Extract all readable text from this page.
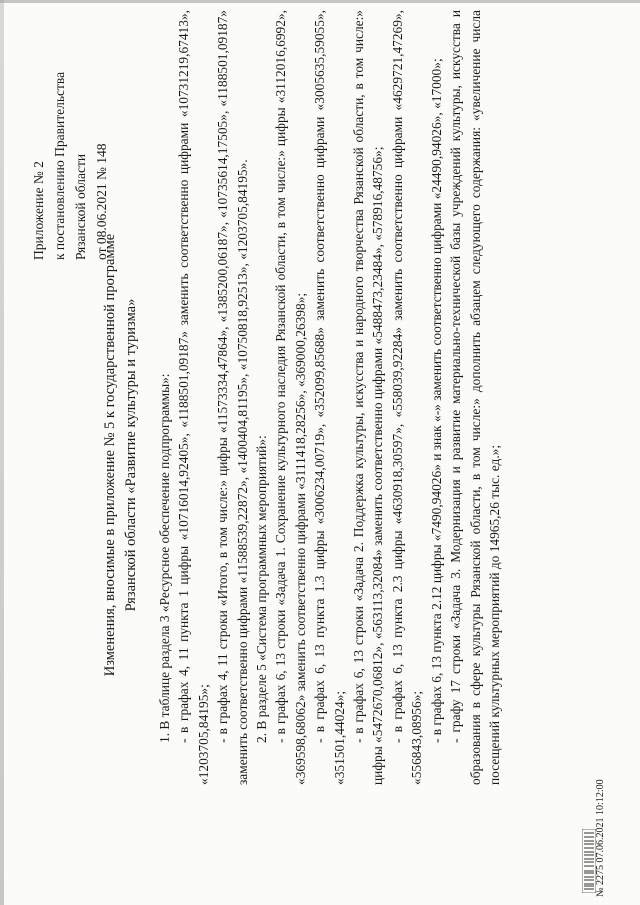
Приложение № 2 к постановлению Правительства Рязанской области от 08.06.2021 № 148
Изменения, вносимые в приложение № 5 к государственной программе Рязанской области «Развитие культуры и туризма» 1. В таблице раздела 3 «Ресурсное обеспечение подпрограммы»: - в графах 4, 11 пункта 1 цифры «10716014,92405», «1188501,09187» заменить соответственно цифрами «10731219,67413», «1203705,84195»; - в графах 4, 11 строки «Итого, в том числе:» цифры «11573334,47864», «1385200,06187», «10735614,17505», «1188501,09187» заменить соответственно цифрами «11588539,22872», «1400404,81195», «10750818,92513», «1203705,84195». 2. В разделе 5 «Система программных мероприятий»: - в графах 6, 13 строки «Задача 1. Сохранение культурного наследия Рязанской области, в том числе:» цифры «3112016,6992», «369598,68062» заменить соответственно цифрами «3111418,28256», «369000,26398»; - в графах 6, 13 пункта 1.3 цифры «3006234,00719», «352099,85688» заменить соответственно цифрами «3005635,59055», «351501,44024»; - в графах 6, 13 строки «Задача 2. Поддержка культуры, искусства и народного творчества Рязанской области, в том числе:» цифры «5472670,06812», «563113,32084» заменить соответственно цифрами «5488473,23484», «578916,48756»; - в графах 6, 13 пункта 2.3 цифры «4630918,30597», «558039,92284» заменить соответственно цифрами «4629721,47269», «556843,08956»; - в графах 6, 13 пункта 2.12 цифры «7490,94026» и знак «-» заменить соответственно цифрами «24490,94026», «17000»; - графу 17 строки «Задача 3. Модернизация и развитие материально-технической базы учреждений культуры, искусства и образования в сфере культуры Рязанской области, в том числе:» дополнить абзацем следующего содержания: «увеличение числа посещений культурных мероприятий до 14965,26 тыс. ед.»;

№ 2275 07.06.2021 10:12:00
